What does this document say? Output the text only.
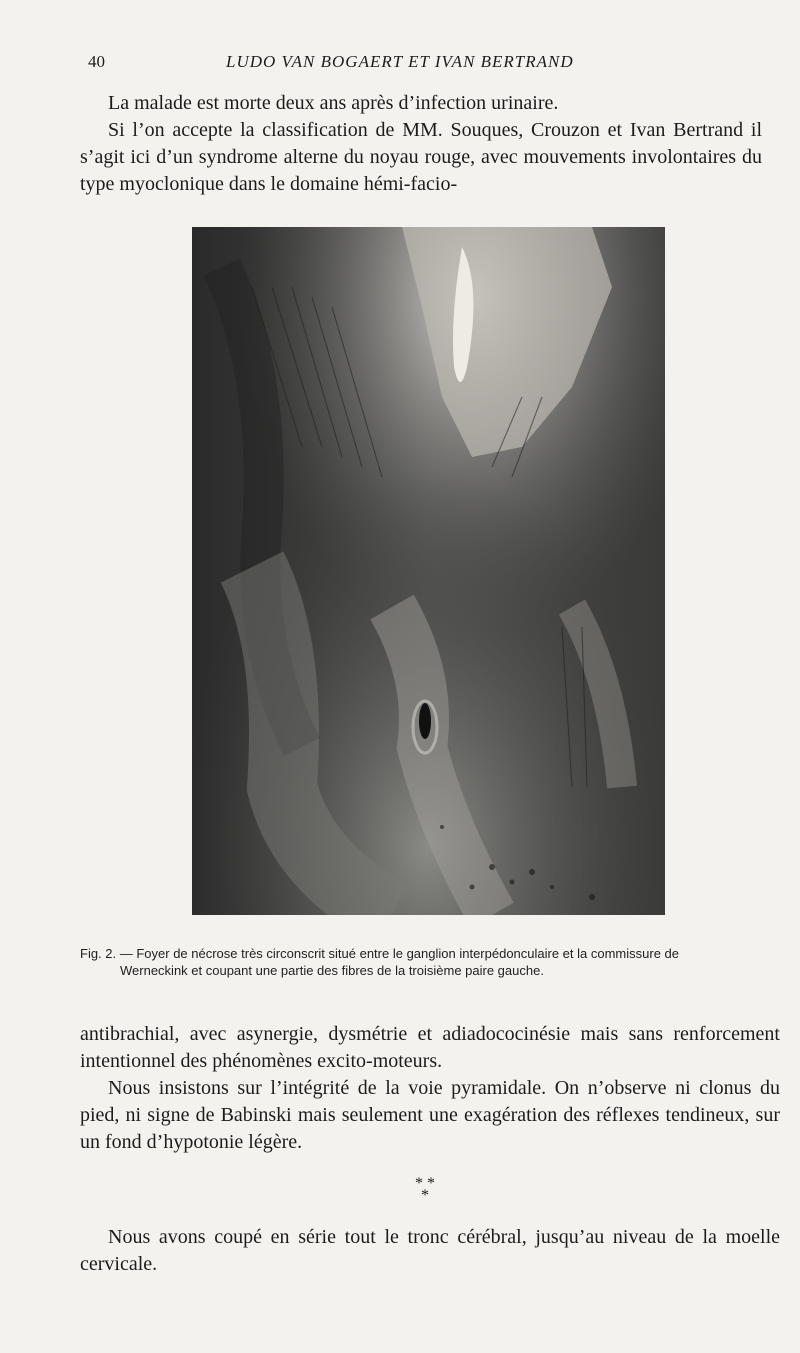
40	LUDO VAN BOGAERT ET IVAN BERTRAND

La malade est morte deux ans après d’infection urinaire.

Si l’on accepte la classification de MM. Souques, Crouzon et Ivan Bertrand il s’agit ici d’un syndrome alterne du noyau rouge, avec mouvements involontaires du type myoclonique dans le domaine hémi-facio-

Fig. 2. — Foyer de nécrose très circonscrit situé entre le ganglion interpédonculaire et la commissure de
Werneckink et coupant une partie des fibres de la troisième paire gauche.

antibrachial, avec asynergie, dysmétrie et adiadococinésie mais sans renforcement intentionnel des phénomènes excito-moteurs.

Nous insistons sur l’intégrité de la voie pyramidale. On n’observe ni clonus du pied, ni signe de Babinski mais seulement une exagération des réflexes tendineux, sur un fond d’hypotonie légère.

* * *

Nous avons coupé en série tout le tronc cérébral, jusqu’au niveau de la moelle cervicale.
